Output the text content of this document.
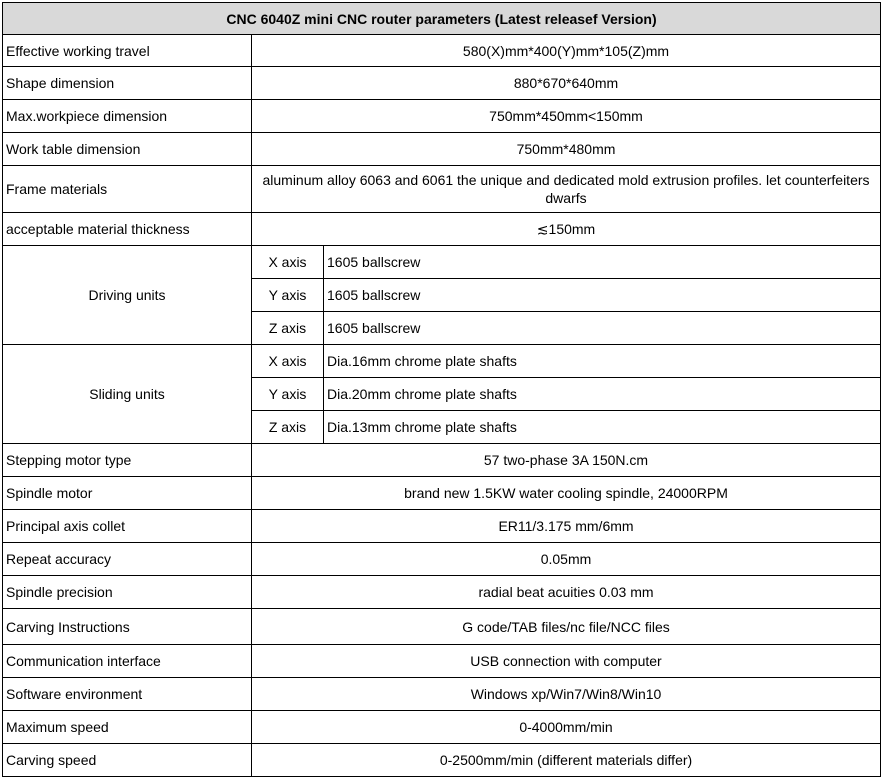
CNC 6040Z mini CNC router parameters (Latest releasef Version)		
Effective working travel	580(X)mm*400(Y)mm*105(Z)mm	
Shape dimension	880*670*640mm	
Max.workpiece dimension	750mm*450mm<150mm	
Work table dimension	750mm*480mm	
Frame materials	aluminum alloy 6063 and 6061 the unique and dedicated mold extrusion profiles. let counterfeiters dwarfs	
acceptable material thickness	≲150mm	
Driving units	X axis	1605 ballscrew
	Y axis	1605 ballscrew
	Z axis	1605 ballscrew
Sliding units	X axis	Dia.16mm chrome plate shafts
	Y axis	Dia.20mm chrome plate shafts
	Z axis	Dia.13mm chrome plate shafts
Stepping motor type	57 two-phase 3A 150N.cm	
Spindle motor	brand new 1.5KW water cooling spindle, 24000RPM	
Principal axis collet	ER11/3.175 mm/6mm	
Repeat accuracy	0.05mm	
Spindle precision	radial beat acuities 0.03 mm	
Carving Instructions	G code/TAB files/nc file/NCC files	
Communication interface	USB connection with computer	
Software environment	Windows xp/Win7/Win8/Win10	
Maximum speed	0-4000mm/min	
Carving speed	0-2500mm/min (different materials differ)	
